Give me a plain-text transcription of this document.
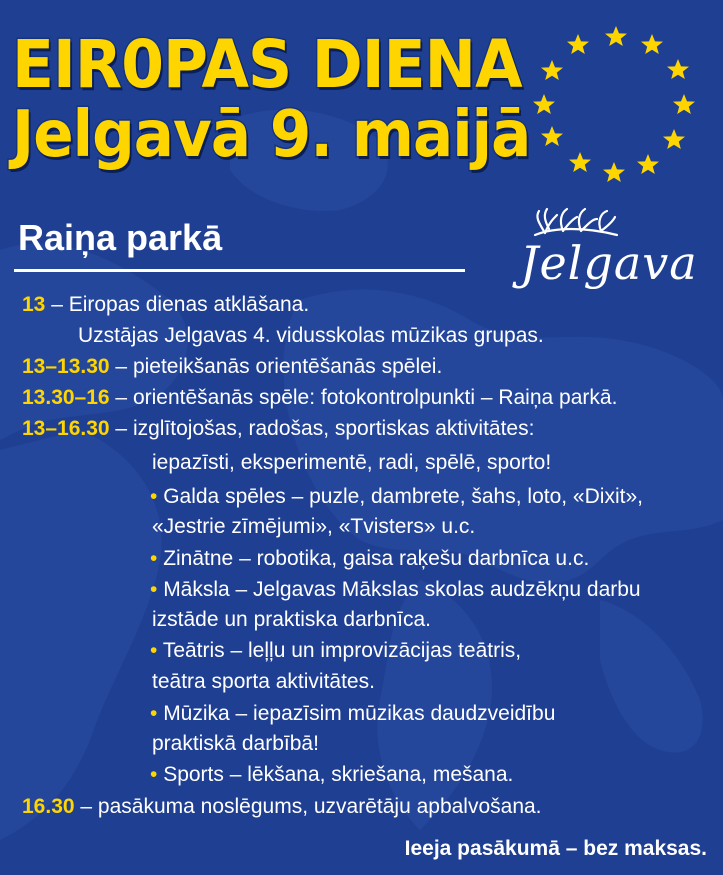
EIR0PAS DIENA
Jelgavā 9. maijā
Raiņa parkā	Jelgava
13 – Eiropas dienas atklāšana.
Uzstājas Jelgavas 4. vidusskolas mūzikas grupas.
13–13.30 – pieteikšanās orientēšanās spēlei.
13.30–16 – orientēšanās spēle: fotokontrolpunkti – Raiņa parkā.
13–16.30 – izglītojošas, radošas, sportiskas aktivitātes:
iepazīsti, eksperimentē, radi, spēlē, sporto!
• Galda spēles – puzle, dambrete, šahs, loto, «Dixit»,
«Jestrie zīmējumi», «Tvisters» u.c.
• Zinātne – robotika, gaisa raķešu darbnīca u.c.
• Māksla – Jelgavas Mākslas skolas audzēkņu darbu
izstāde un praktiska darbnīca.
• Teātris – leļļu un improvizācijas teātris,
teātra sporta aktivitātes.
• Mūzika – iepazīsim mūzikas daudzveidību
praktiskā darbībā!
• Sports – lēkšana, skriešana, mešana.
16.30 – pasākuma noslēgums, uzvarētāju apbalvošana.
Ieeja pasākumā – bez maksas.
